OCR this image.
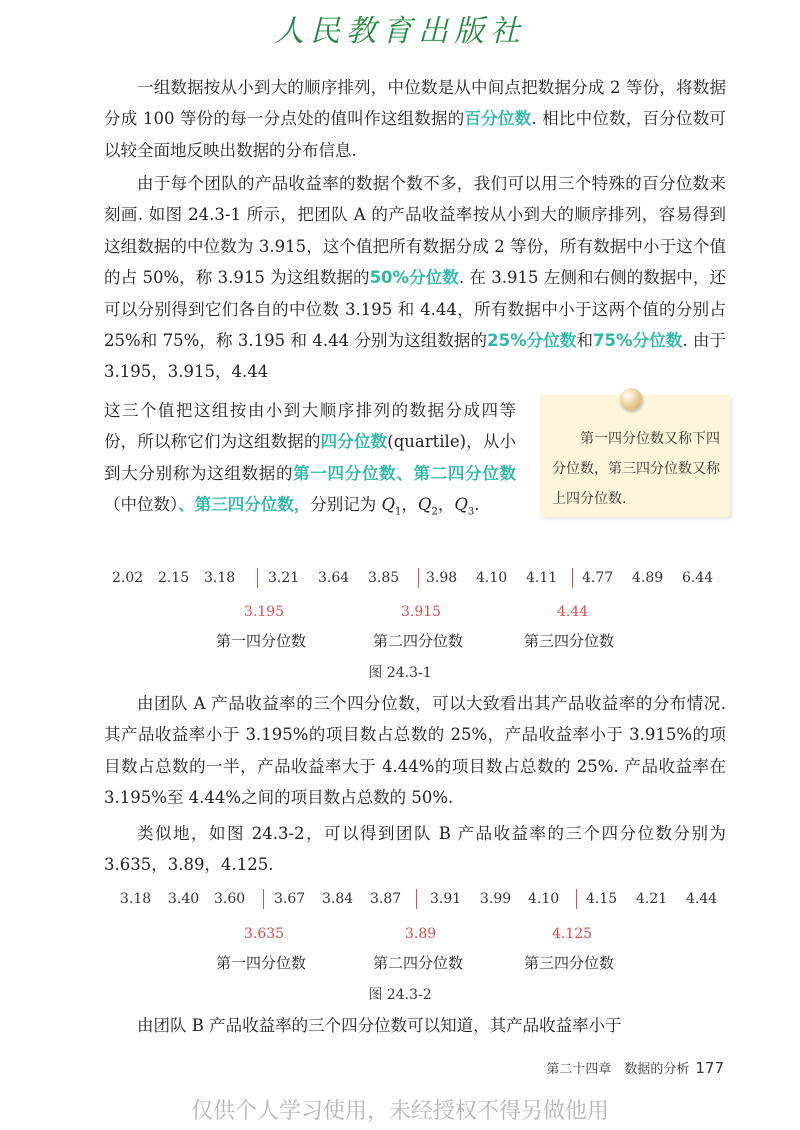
人民教育出版社

一组数据按从小到大的顺序排列，中位数是从中间点把数据分成 2 等份，将数据分成 100 等份的每一分点处的值叫作这组数据的百分位数. 相比中位数，百分位数可以较全面地反映出数据的分布信息.

由于每个团队的产品收益率的数据个数不多，我们可以用三个特殊的百分位数来刻画. 如图 24.3-1 所示，把团队 A 的产品收益率按从小到大的顺序排列，容易得到这组数据的中位数为 3.915，这个值把所有数据分成 2 等份，所有数据中小于这个值的占 50%，称 3.915 为这组数据的50%分位数. 在 3.915 左侧和右侧的数据中，还可以分别得到它们各自的中位数 3.195 和 4.44，所有数据中小于这两个值的分别占 25%和 75%，称 3.195 和 4.44 分别为这组数据的25%分位数和75%分位数. 由于 3.195，3.915，4.44

这三个值把这组按由小到大顺序排列的数据分成四等份，所以称它们为这组数据的四分位数(quartile)，从小到大分别称为这组数据的第一四分位数、第二四分位数（中位数）、第三四分位数，分别记为 $Q_1$，$Q_2$，$Q_3$.

第一四分位数又称下四分位数，第三四分位数又称上四分位数.
2.02 2.15 3.18 3.21 3.64 3.85 3.98 4.10 4.11 4.77 4.89 6.44
3.195	3.915	4.44
第一四分位数	第二四分位数	第三四分位数
图 24.3-1

由团队 A 产品收益率的三个四分位数，可以大致看出其产品收益率的分布情况. 其产品收益率小于 3.195%的项目数占总数的 25%，产品收益率小于 3.915%的项目数占总数的一半，产品收益率大于 4.44%的项目数占总数的 25%. 产品收益率在 3.195%至 4.44%之间的项目数占总数的 50%.

类似地，如图 24.3-2，可以得到团队 B 产品收益率的三个四分位数分别为 3.635，3.89，4.125.

3.18 3.40 3.60 3.67 3.84 3.87 3.91 3.99 4.10 4.15 4.21 4.44
3.635	3.89	4.125
第一四分位数	第二四分位数	第三四分位数
图 24.3-2

由团队 B 产品收益率的三个四分位数可以知道，其产品收益率小于

第二十四章　数据的分析 177
仅供个人学习使用，未经授权不得另做他用
